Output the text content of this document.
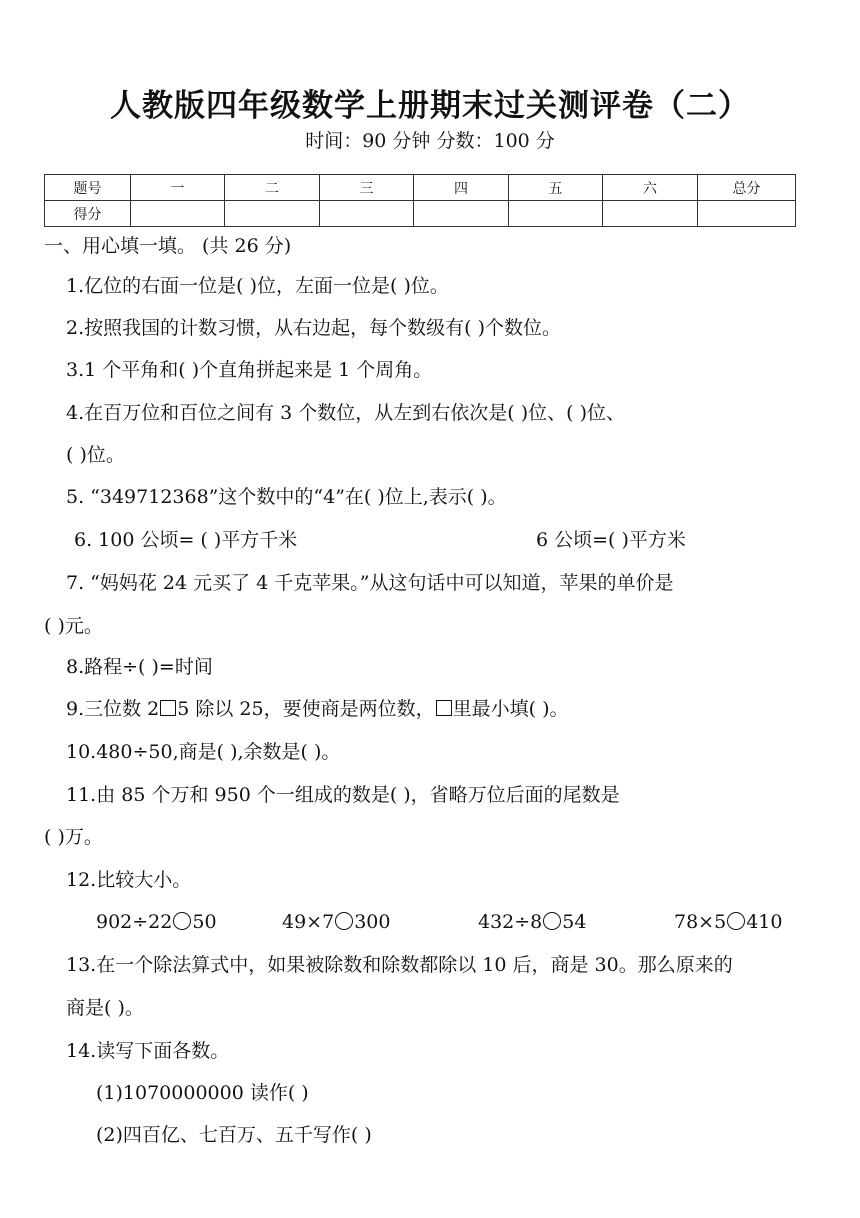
人教版四年级数学上册期末过关测评卷（二）
时间：90 分钟 分数：100 分
题号	一	二	三	四	五	六	总分
得分							
一、用心填一填。 (共 26 分)
1.亿位的右面一位是( )位，左面一位是( )位。
2.按照我国的计数习惯，从右边起，每个数级有( )个数位。
3.1 个平角和( )个直角拼起来是 1 个周角。
4.在百万位和百位之间有 3 个数位，从左到右依次是( )位、( )位、
( )位。
5. “349712368”这个数中的“4”在( )位上,表示( )。
6. 100 公顷= ( )平方千米	6 公顷=( )平方米
7. “妈妈花 24 元买了 4 千克苹果。”从这句话中可以知道，苹果的单价是
( )元。
8.路程÷( )=时间
9.三位数 2 5 除以 25，要使商是两位数， 里最小填( )。
10.480÷50,商是( ),余数是( )。
11.由 85 个万和 950 个一组成的数是( )，省略万位后面的尾数是
( )万。
12.比较大小。
902÷22 50	49×7 300	432÷8 54	78×5 410
13.在一个除法算式中，如果被除数和除数都除以 10 后，商是 30。那么原来的
商是( )。
14.读写下面各数。
(1)1070000000 读作( )
(2)四百亿、七百万、五千写作( )
